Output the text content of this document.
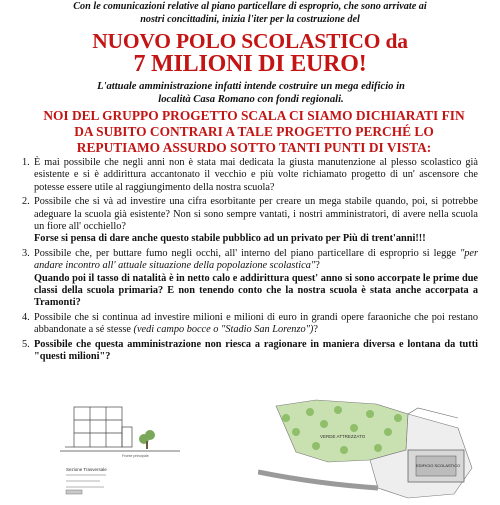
Con le comunicazioni relative al piano particellare di esproprio, che sono arrivate ai
nostri concittadini, inizia l'iter per la costruzione del
NUOVO POLO SCOLASTICO da
7 MILIONI DI EURO!
L'attuale amministrazione infatti intende costruire un mega edificio in
località Casa Romano con fondi regionali.
NOI DEL GRUPPO PROGETTO SCALA CI SIAMO DICHIARATI FIN DA SUBITO CONTRARI A TALE PROGETTO PERCHÉ LO REPUTIAMO ASSURDO SOTTO TANTI PUNTI DI VISTA:
1. È mai possibile che negli anni non è stata mai dedicata la giusta manutenzione al plesso scolastico già esistente e si è addirittura accantonato il vecchio e più volte richiamato progetto di un' ascensore che potesse essere utile al raggiungimento della nostra scuola?
2. Possibile che si và ad investire una cifra esorbitante per creare un mega stabile quando, poi, si potrebbe adeguare la scuola già esistente? Non si sono sempre vantati, i nostri amministratori, di avere nella scuola un fiore all' occhiello?
Forse si pensa di dare anche questo stabile pubblico ad un privato per Più di trent'anni!!!
3. Possibile che, per buttare fumo negli occhi, all' interno del piano particellare di esproprio si legge "per andare incontro all' attuale situazione della popolazione scolastica"?
Quando poi il tasso di natalità è in netto calo e addirittura quest' anno si sono accorpate le prime due classi della scuola primaria? E non tenendo conto che la nostra scuola è stata anche accorpata a Tramonti?
4. Possibile che si continua ad investire milioni e milioni di euro in grandi opere faraoniche che poi restano abbandonate a sé stesse (vedi campo bocce o "Stadio San Lorenzo")?
5. Possibile che questa amministrazione non riesca a ragionare in maniera diversa e lontana da tutti "questi milioni"?
Sezione Trasversale
Fronte principale
VERDE ATTREZZATO
EDIFICIO SCOLASTICO
